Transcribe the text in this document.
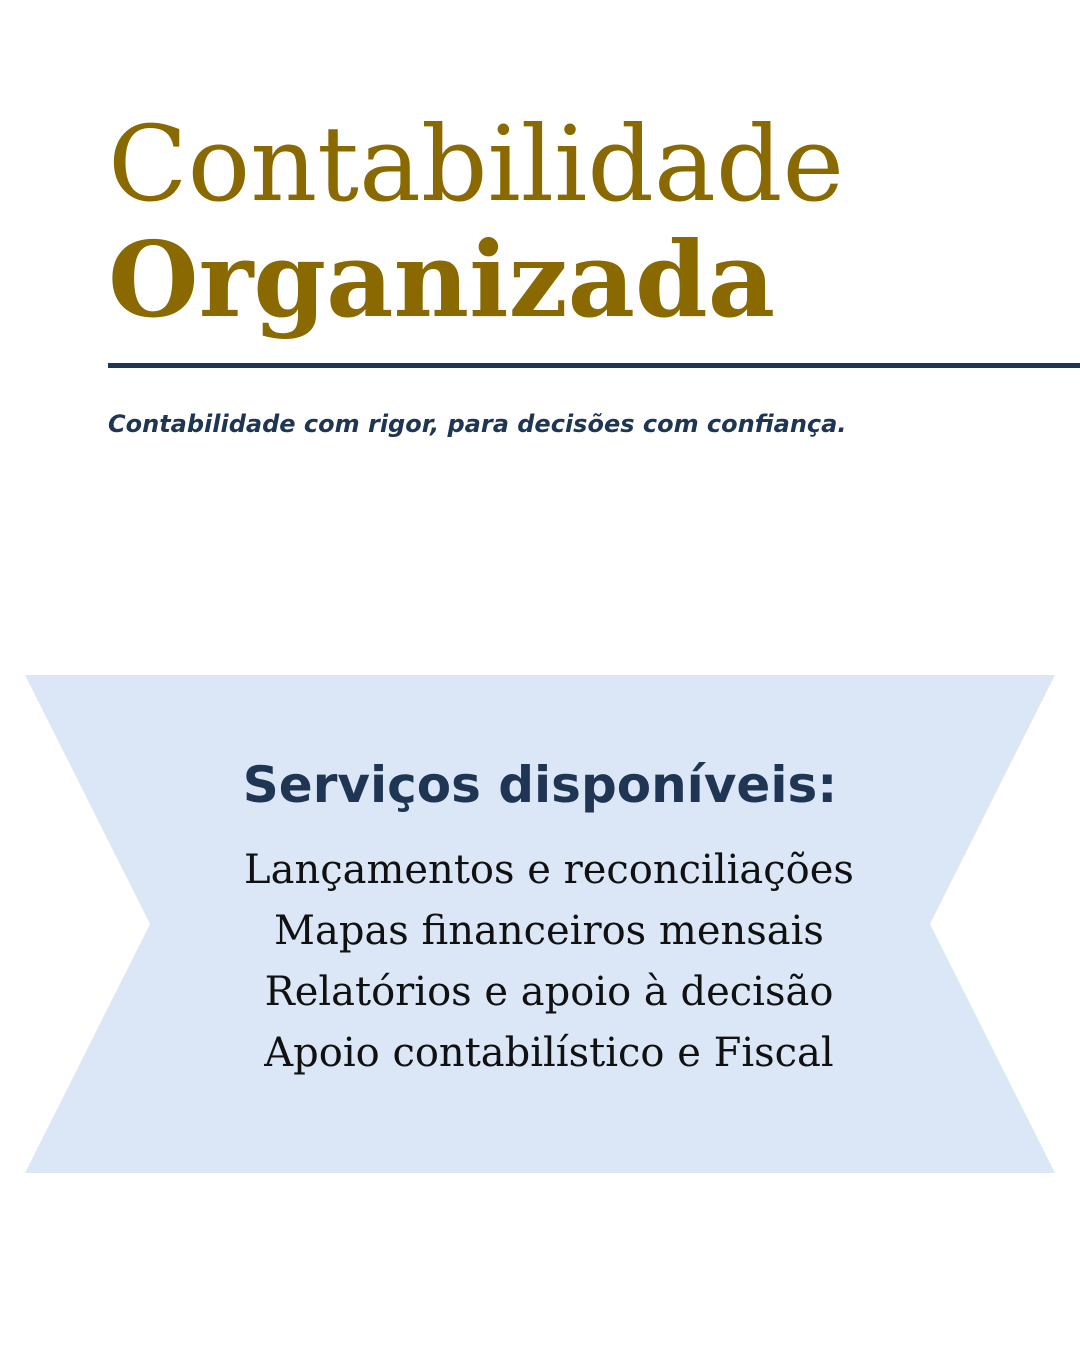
Contabilidade
Organizada

Contabilidade com rigor, para decisões com confiança.

Serviços disponíveis:
Lançamentos e reconciliações
Mapas financeiros mensais
Relatórios e apoio à decisão
Apoio contabilístico e Fiscal
